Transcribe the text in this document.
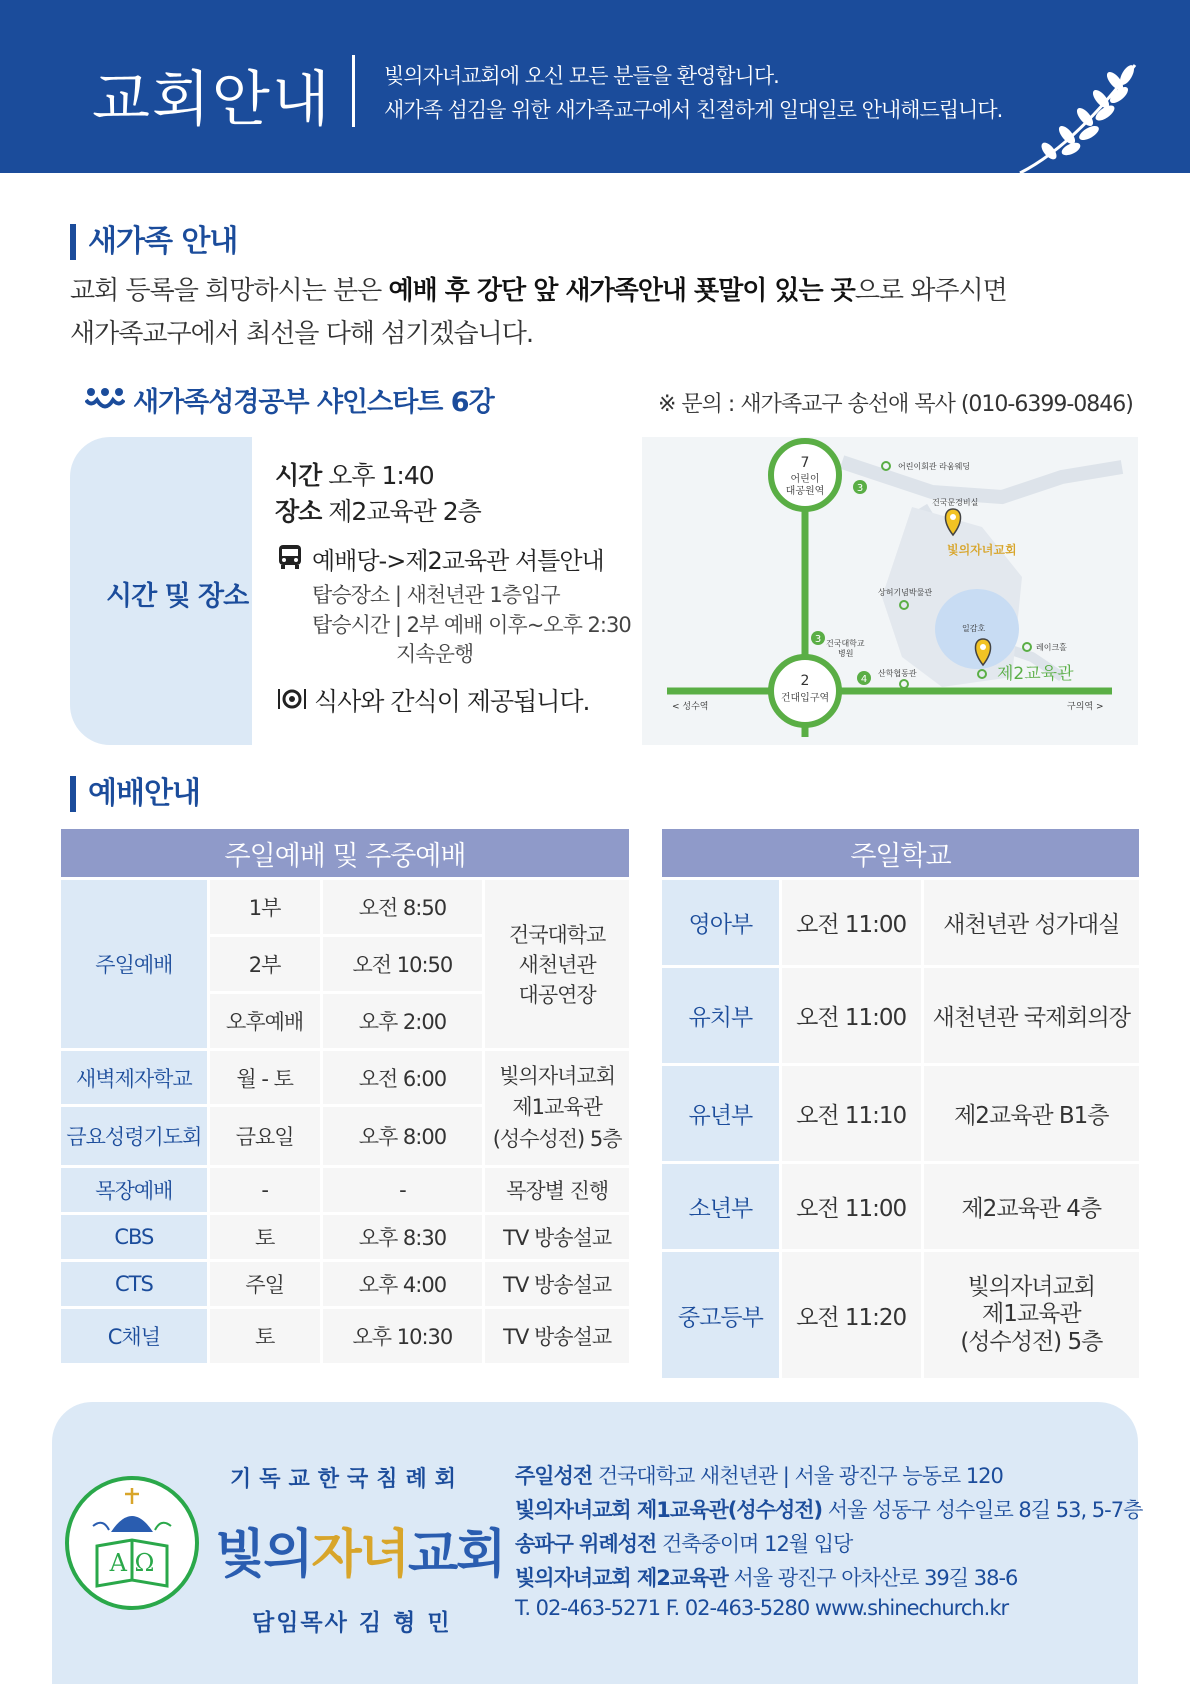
교회안내 빛의자녀교회에 오신 모든 분들을 환영합니다.
새가족 섬김을 위한 새가족교구에서 친절하게 일대일로 안내해드립니다.
새가족 안내
교회 등록을 희망하시는 분은 예배 후 강단 앞 새가족안내 푯말이 있는 곳으로 와주시면
새가족교구에서 최선을 다해 섬기겠습니다.
새가족성경공부 샤인스타트 6강	※ 문의 : 새가족교구 송선애 목사 (010-6399-0846)
시간 및 장소
시간 오후 1:40
장소 제2교육관 2층
예배당->제2교육관 셔틀안내
탑승장소 | 새천년관 1층입구
탑승시간 | 2부 예배 이후~오후 2:30
지속운행
식사와 간식이 제공됩니다.
7
어린이
대공원역
2
건대입구역
3
3
4
어린이회관 라움웨딩
건국문경비실
빛의자녀교회
상허기념박물관
일감호
레이크홀
건국대학교
병원
산학협동관	제2교육관
< 성수역	구의역 >
예배안내
주일예배 및 주중예배			
주일예배	1부	오전 8:50	건국대학교
새천년관
대공연장
	2부	오전 10:50	
	오후예배	오후 2:00	
새벽제자학교	월 - 토	오전 6:00	빛의자녀교회
제1교육관
(성수성전) 5층
금요성령기도회	금요일	오후 8:00	
목장예배	-	-	목장별 진행
CBS	토	오후 8:30	TV 방송설교
CTS	주일	오후 4:00	TV 방송설교
C채널	토	오후 10:30	TV 방송설교
주일학교		
영아부	오전 11:00	새천년관 성가대실
유치부	오전 11:00	새천년관 국제회의장
유년부	오전 11:10	제2교육관 B1층
소년부	오전 11:00	제2교육관 4층
중고등부	오전 11:20	빛의자녀교회
제1교육관
(성수성전) 5층
A Ω
기독교한국침례회
빛의자녀교회
담임목사 김 형 민
주일성전 건국대학교 새천년관 | 서울 광진구 능동로 120
빛의자녀교회 제1교육관(성수성전) 서울 성동구 성수일로 8길 53, 5-7층
송파구 위례성전 건축중이며 12월 입당
빛의자녀교회 제2교육관 서울 광진구 아차산로 39길 38-6
T. 02-463-5271 F. 02-463-5280 www.shinechurch.kr
